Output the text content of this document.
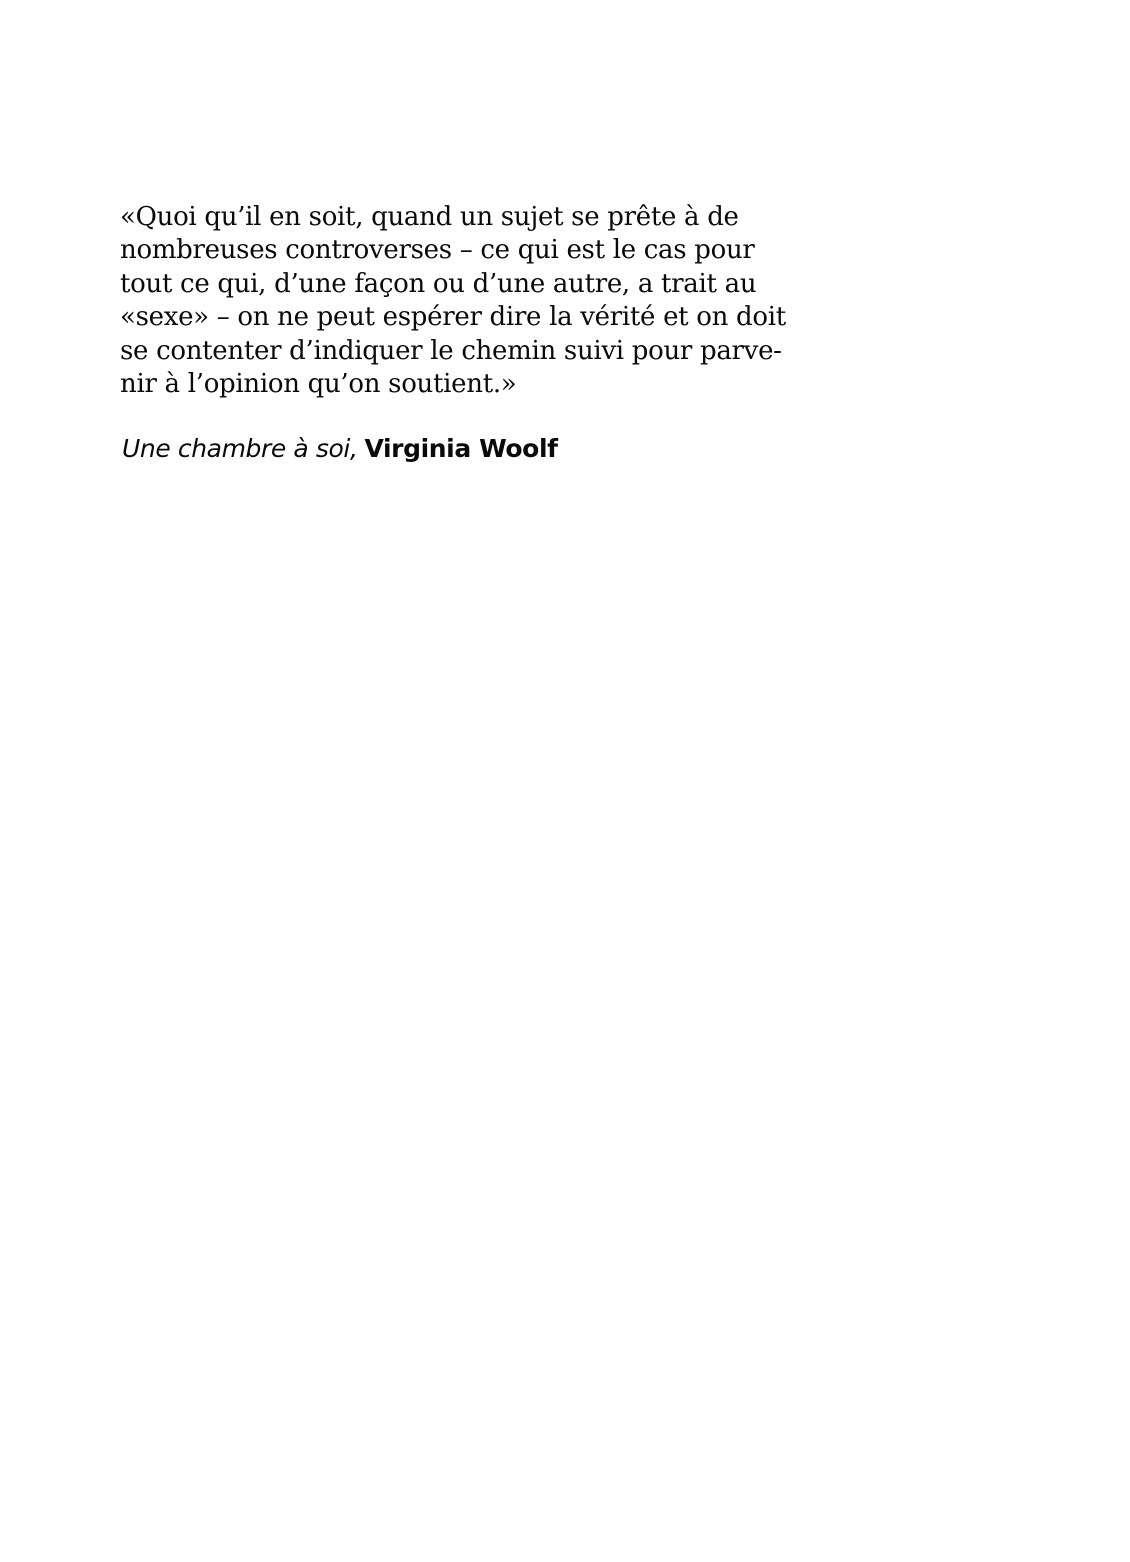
«Quoi qu’il en soit, quand un sujet se prête à de
nombreuses controverses – ce qui est le cas pour
tout ce qui, d’une façon ou d’une autre, a trait au
«sexe» – on ne peut espérer dire la vérité et on doit
se contenter d’indiquer le chemin suivi pour parve-
nir à l’opinion qu’on soutient.»
Une chambre à soi, Virginia Woolf
